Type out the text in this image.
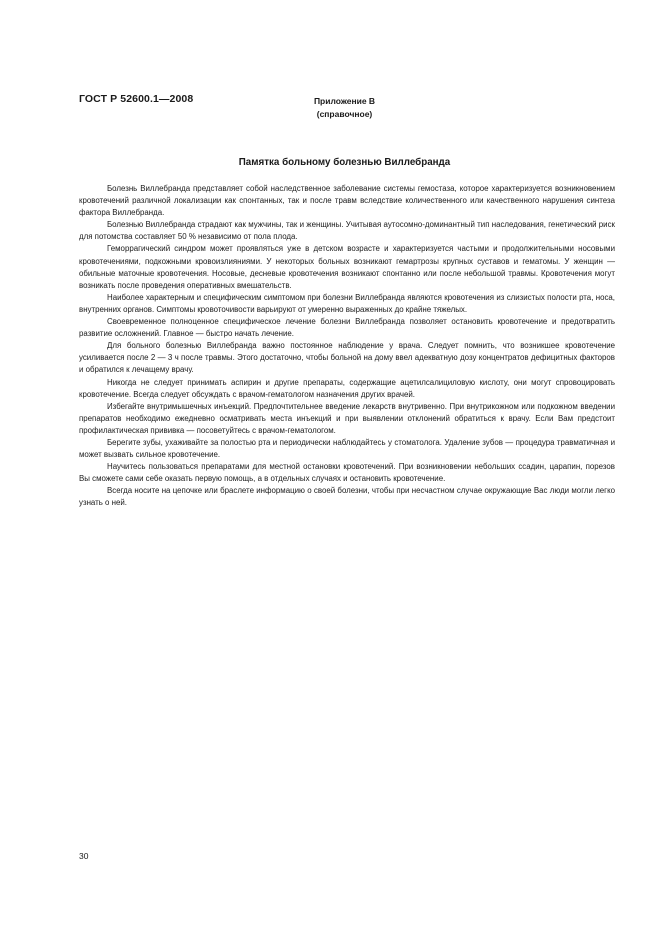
ГОСТ Р 52600.1—2008	Приложение В
(справочное)
Памятка больному болезнью Виллебранда

Болезнь Виллебранда представляет собой наследственное заболевание системы гемостаза, которое характеризуется возникновением кровотечений различной локализации как спонтанных, так и после травм вследствие количественного или качественного нарушения синтеза фактора Виллебранда.

Болезнью Виллебранда страдают как мужчины, так и женщины. Учитывая аутосомно-доминантный тип наследования, генетический риск для потомства составляет 50 % независимо от пола плода.

Геморрагический синдром может проявляться уже в детском возрасте и характеризуется частыми и продолжительными носовыми кровотечениями, подкожными кровоизлияниями. У некоторых больных возникают гемартрозы крупных суставов и гематомы. У женщин — обильные маточные кровотечения. Носовые, десневые кровотечения возникают спонтанно или после небольшой травмы. Кровотечения могут возникать после проведения оперативных вмешательств.

Наиболее характерным и специфическим симптомом при болезни Виллебранда являются кровотечения из слизистых полости рта, носа, внутренних органов. Симптомы кровоточивости варьируют от умеренно выраженных до крайне тяжелых.

Своевременное полноценное специфическое лечение болезни Виллебранда позволяет остановить кровотечение и предотвратить развитие осложнений. Главное — быстро начать лечение.

Для больного болезнью Виллебранда важно постоянное наблюдение у врача. Следует помнить, что возникшее кровотечение усиливается после 2 — 3 ч после травмы. Этого достаточно, чтобы больной на дому ввел адекватную дозу концентратов дефицитных факторов и обратился к лечащему врачу.

Никогда не следует принимать аспирин и другие препараты, содержащие ацетилсалициловую кислоту, они могут спровоцировать кровотечение. Всегда следует обсуждать с врачом-гематологом назначения других врачей.

Избегайте внутримышечных инъекций. Предпочтительнее введение лекарств внутривенно. При внутрикожном или подкожном введении препаратов необходимо ежедневно осматривать места инъекций и при выявлении отклонений обратиться к врачу. Если Вам предстоит профилактическая прививка — посоветуйтесь с врачом-гематологом.

Берегите зубы, ухаживайте за полостью рта и периодически наблюдайтесь у стоматолога. Удаление зубов — процедура травматичная и может вызвать сильное кровотечение.

Научитесь пользоваться препаратами для местной остановки кровотечений. При возникновении небольших ссадин, царапин, порезов Вы сможете сами себе оказать первую помощь, а в отдельных случаях и остановить кровотечение.

Всегда носите на цепочке или браслете информацию о своей болезни, чтобы при несчастном случае окружающие Вас люди могли легко узнать о ней.

30
